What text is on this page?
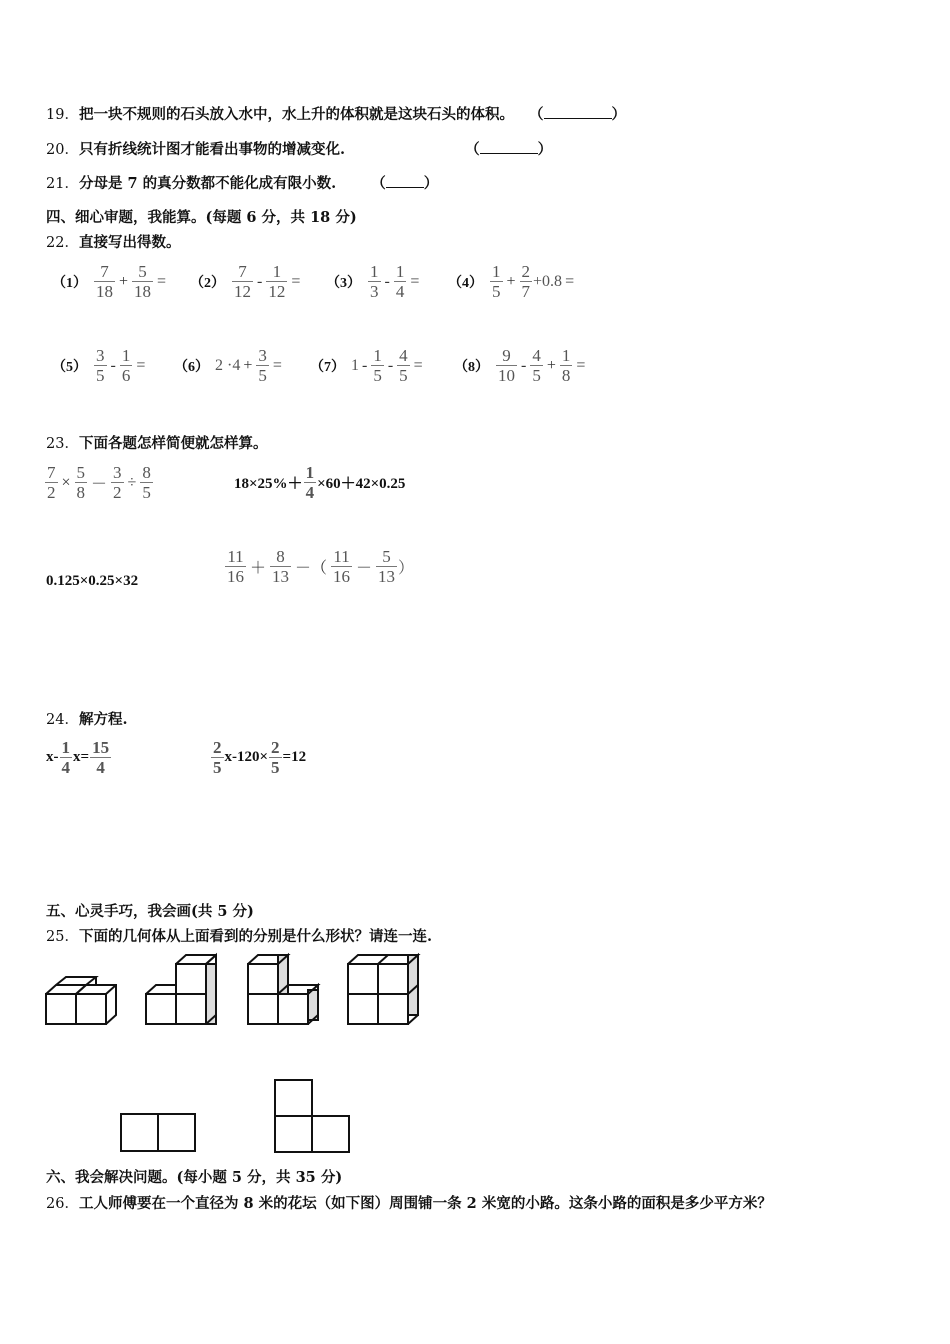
19．把一块不规则的石头放入水中，水上升的体积就是这块石头的体积。 （	）
20．只有折线统计图才能看出事物的增减变化.	（	）
21．分母是 7 的真分数都不能化成有限小数. （	）
四、细心审题，我能算。(每题 6 分，共 18 分)
22．直接写出得数。
$(1) \frac{7}{18} + \frac{5}{18} = (2) \frac{7}{12} - \frac{1}{12} = (3) \frac{1}{3} - \frac{1}{4} = (4) \frac{1}{5} + \frac{2}{7} +0.8$ =
$(5) \frac{3}{5} - \frac{1}{6} = (6)$ $2 \cdot 4 + \frac{3}{5} = (7)$ $1 - \frac{1}{5} - \frac{4}{5} = (8) \frac{9}{10} - \frac{4}{5} + \frac{1}{8}$ =
23．下面各题怎样简便就怎样算。
$\frac{7}{2} \times \frac{5}{8} - \frac{3}{2} \div \frac{8}{5}$	$18\times 25\%+ \frac{1}{4} \times 60+42\times 0.25$
0.125×0.25×32	$\frac{11}{16} + \frac{8}{13}$ －（ $\frac{11}{16} - \frac{5}{13}$ ）
24．解方程.
$x- \frac{1}{4} x= \frac{15}{4}$	$\frac{2}{5} x-120\times \frac{2}{5} =12$
五、心灵手巧，我会画(共 5 分)
25．下面的几何体从上面看到的分别是什么形状？请连一连.
六、我会解决问题。(每小题 5 分，共 35 分)
26．工人师傅要在一个直径为 8 米的花坛（如下图）周围铺一条 2 米宽的小路。这条小路的面积是多少平方米？
